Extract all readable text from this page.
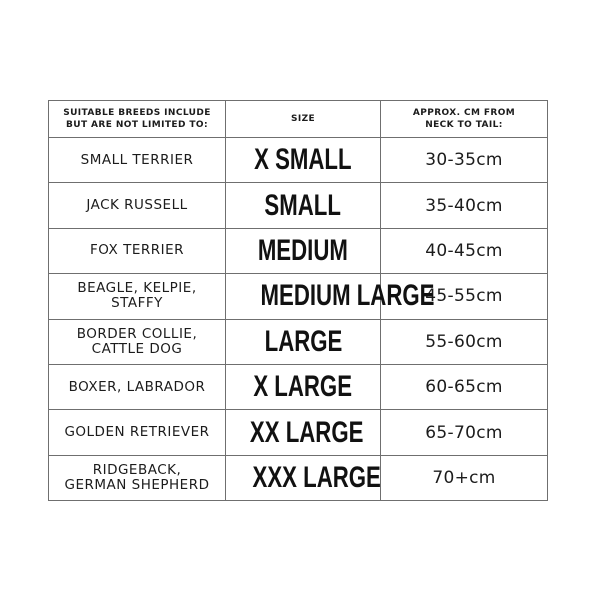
SUITABLE BREEDS INCLUDE
BUT ARE NOT LIMITED TO:	SIZE	APPROX. CM FROM
NECK TO TAIL:

SMALL TERRIER	X SMALL	30-35cm

JACK RUSSELL	SMALL	35-40cm

FOX TERRIER	MEDIUM	40-45cm

BEAGLE, KELPIE,
STAFFY	MEDIUM LARGE	45-55cm

BORDER COLLIE,
CATTLE DOG	LARGE	55-60cm

BOXER, LABRADOR	X LARGE	60-65cm

GOLDEN RETRIEVER	XX LARGE	65-70cm

RIDGEBACK,
GERMAN SHEPHERD	XXX LARGE	70+cm
